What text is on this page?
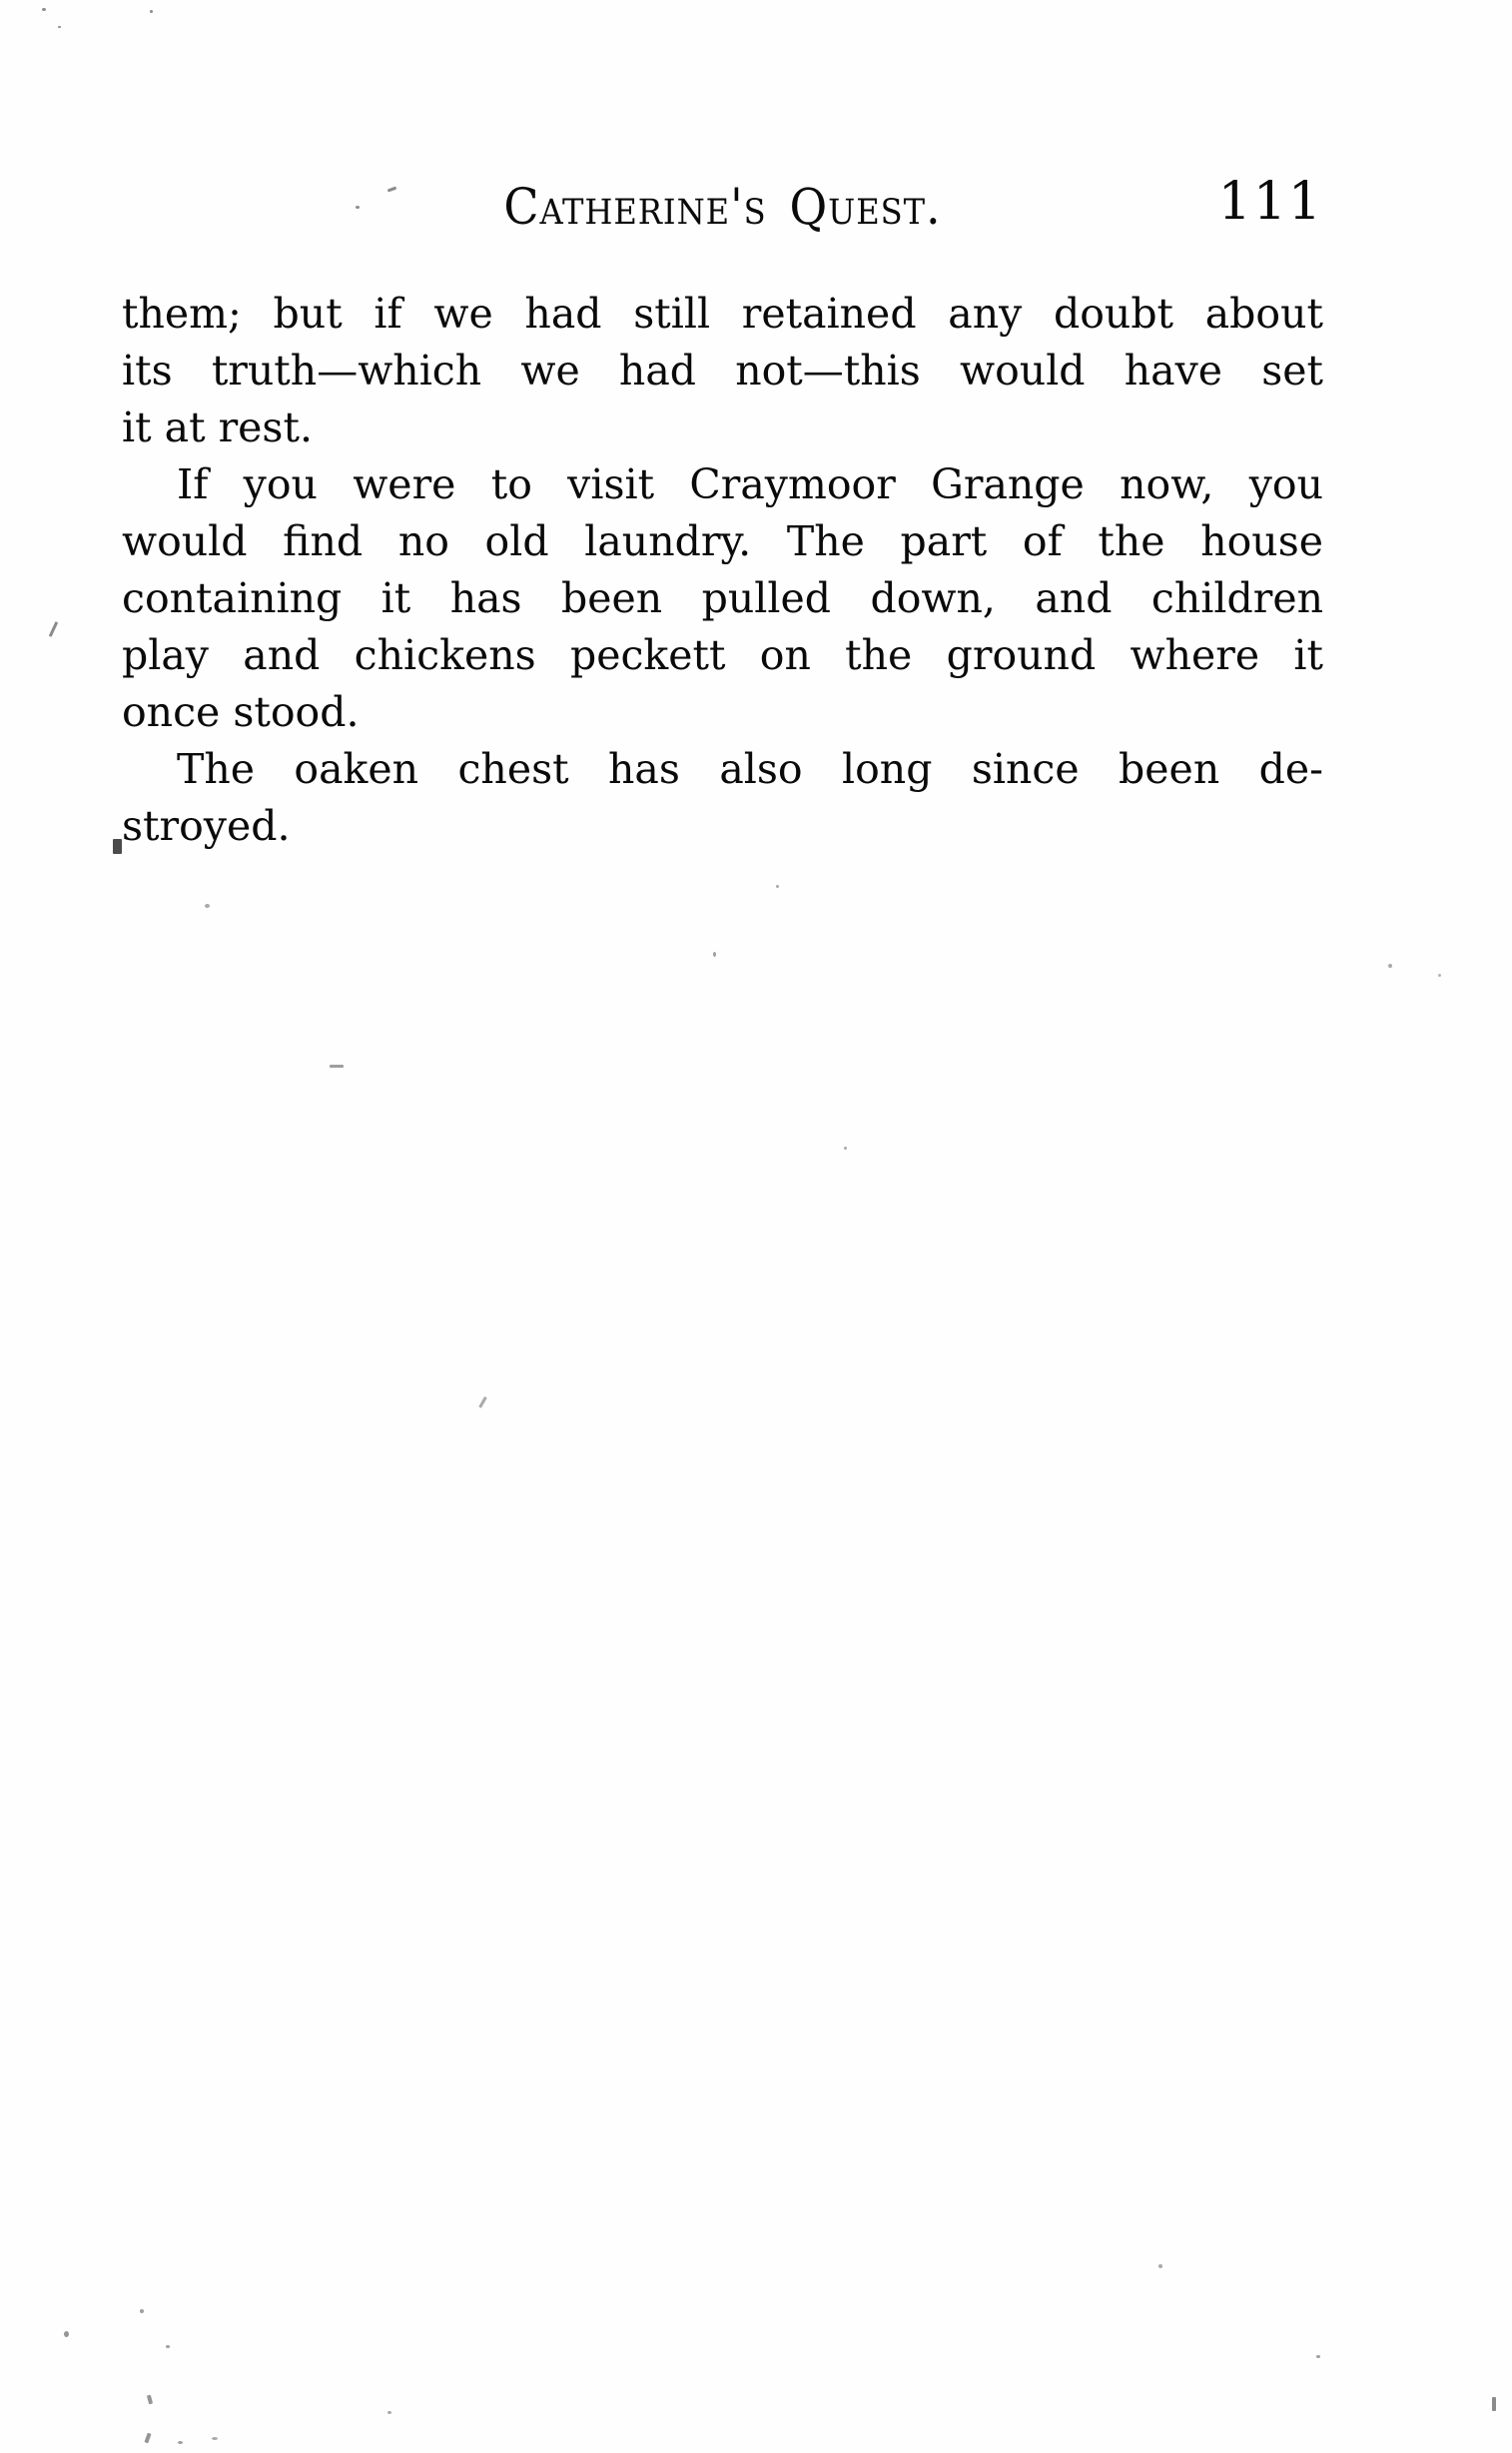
Catherine's Quest.	111
them; but if we had still retained any doubt about
its truth—which we had not—this would have set
it at rest.
If you were to visit Craymoor Grange now, you
would find no old laundry. The part of the house
containing it has been pulled down, and children
play and chickens peckett on the ground where it
once stood.
The oaken chest has also long since been de-
stroyed.
